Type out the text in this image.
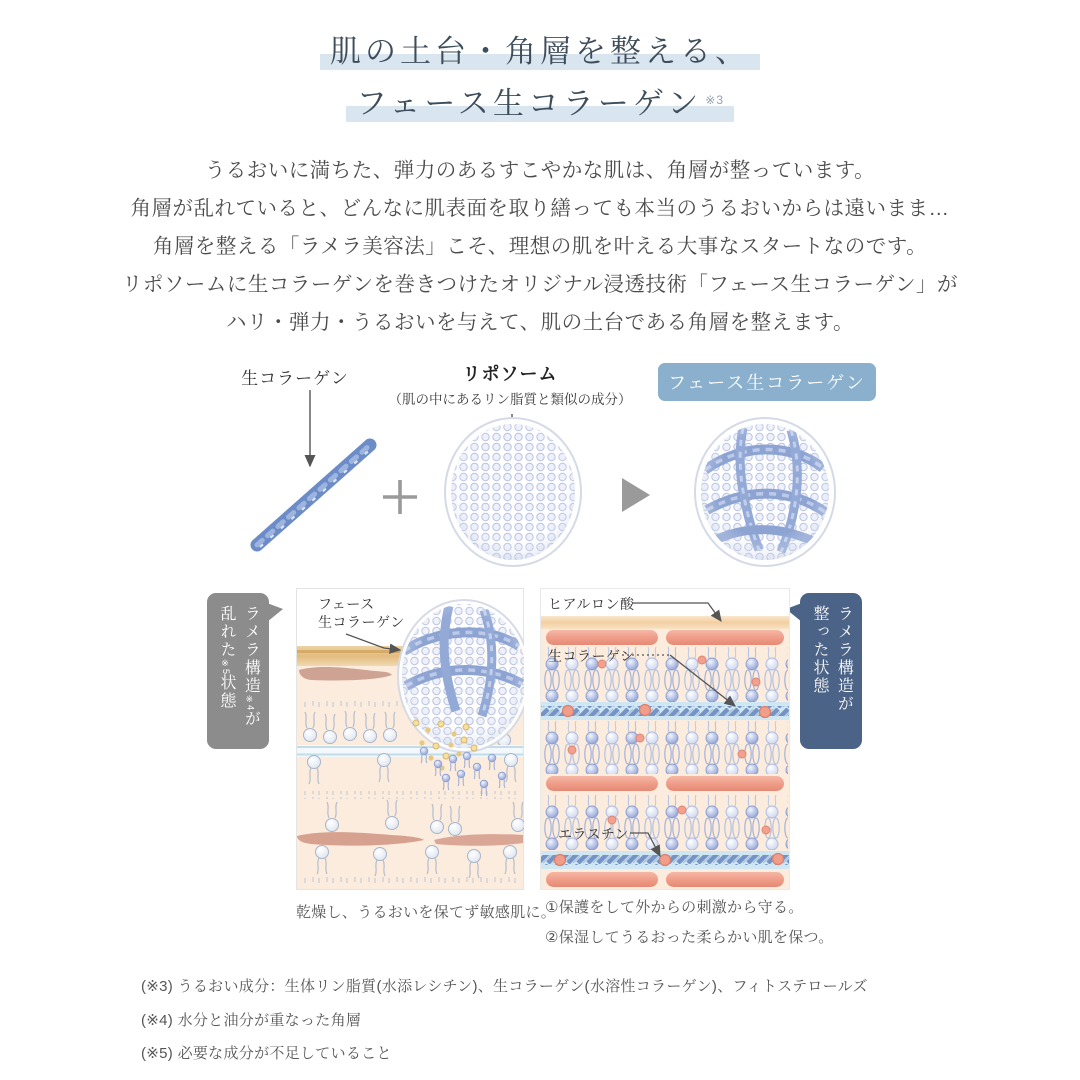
肌の土台・角層を整える、
フェース生コラーゲン $^{※3}$
うるおいに満ちた、弾力のあるすこやかな肌は、角層が整っています。
角層が乱れていると、どんなに肌表面を取り繕っても本当のうるおいからは遠いまま…
角層を整える「ラメラ美容法」こそ、理想の肌を叶える大事なスタートなのです。
リポソームに生コラーゲンを巻きつけたオリジナル浸透技術「フェース生コラーゲン」が
ハリ・弾力・うるおいを与えて、肌の土台である角層を整えます。
生コラーゲン	リポソーム
（肌の中にあるリン脂質と類似の成分）
フェース生コラーゲン
ラメラ構造※4が
乱れた※5状態	ラメラ構造が
整った状態
フェース
生コラーゲン
ヒアルロン酸
生コラーゲン
エラスチン
乾燥し、うるおいを保てず敏感肌に。
①保護をして外からの刺激から守る。
②保湿してうるおった柔らかい肌を保つ。
(※3) うるおい成分：生体リン脂質(水添レシチン)、生コラーゲン(水溶性コラーゲン)、フィトステロールズ
(※4) 水分と油分が重なった角層
(※5) 必要な成分が不足していること
